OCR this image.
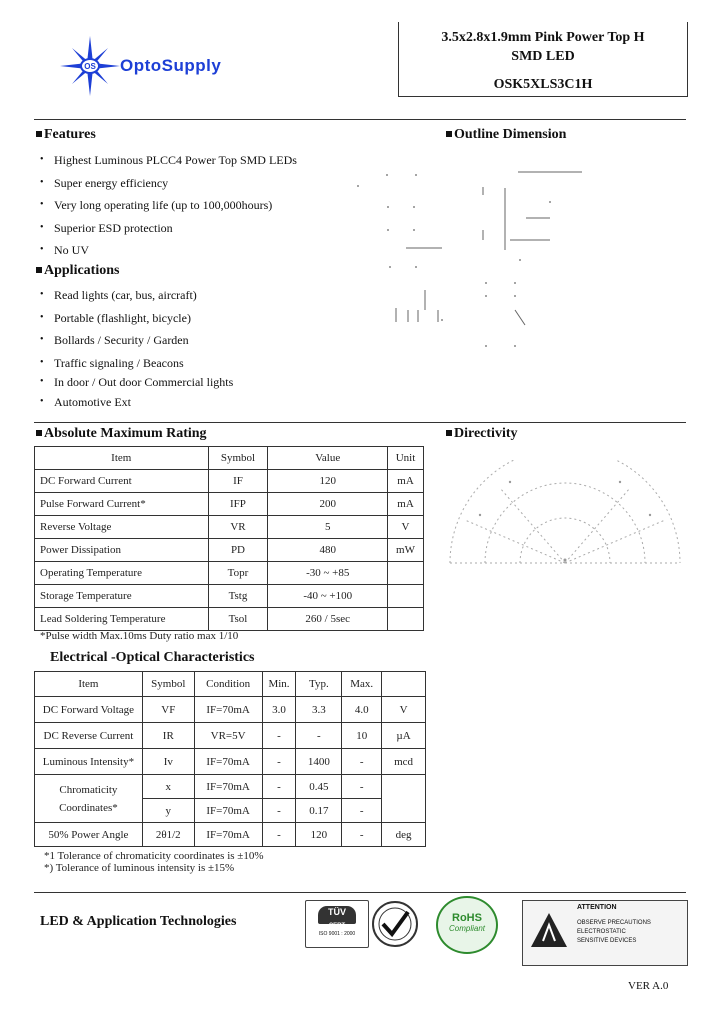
OS OptoSupply
3.5x2.8x1.9mm Pink Power Top H SMD LED
OSK5XLS3C1H
Features
• Highest Luminous PLCC4 Power Top SMD LEDs
• Super energy efficiency
• Very long operating life (up to 100,000hours)
• Superior ESD protection
• No UV
Applications
• Read lights (car, bus, aircraft)
• Portable (flashlight, bicycle)
• Bollards / Security / Garden
• Traffic signaling / Beacons
• In door / Out door Commercial lights
• Automotive Ext
Outline Dimension
Absolute Maximum Rating
Item	Symbol	Value	Unit
DC Forward Current	IF	120	mA
Pulse Forward Current*	IFP	200	mA
Reverse Voltage	VR	5	V
Power Dissipation	PD	480	mW
Operating Temperature	Topr	-30 ~ +85	
Storage Temperature	Tstg	-40 ~ +100	
Lead Soldering Temperature	Tsol	260 / 5sec	
*Pulse width Max.10ms Duty ratio max 1/10
Directivity
Electrical -Optical Characteristics
Item	Symbol	Condition	Min.	Typ.	Max.	
DC Forward Voltage	VF	IF=70mA	3.0	3.3	4.0	V
DC Reverse Current	IR	VR=5V	-	-	10	µA
Luminous Intensity*	Iv	IF=70mA	-	1400	-	mcd
Chromaticity Coordinates*	x	IF=70mA	-	0.45	-	
	y	IF=70mA	-	0.17	-	
50% Power Angle	2θ1/2	IF=70mA	-	120	-	deg
*1 Tolerance of chromaticity coordinates is ±10%
*) Tolerance of luminous intensity is ±15%
LED & Application Technologies
TÜV
CERT
ISO 9001 : 2000
RoHS
Compliant
ATTENTION
OBSERVE PRECAUTIONS
ELECTROSTATIC
SENSITIVE DEVICES
VER A.0
